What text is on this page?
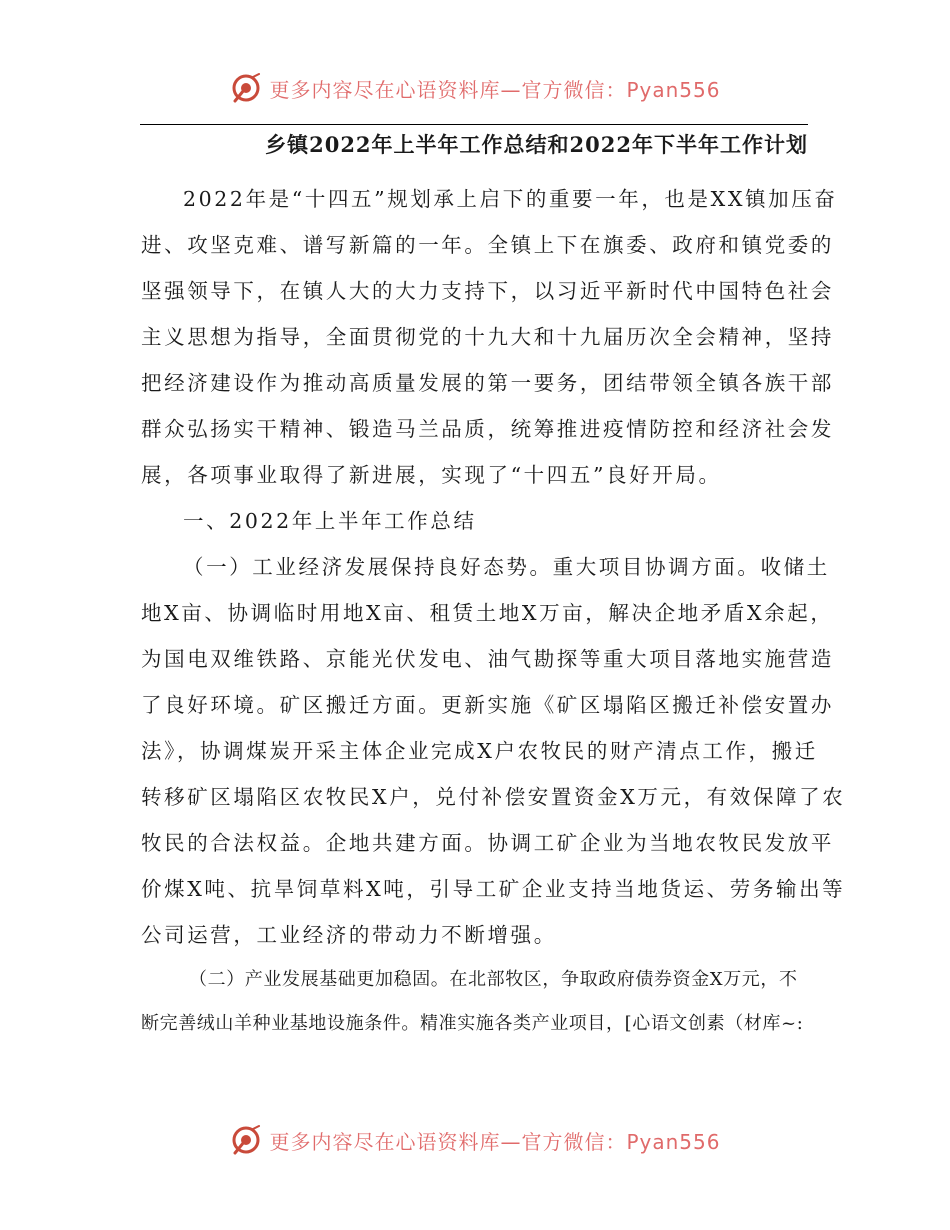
更多内容尽在心语资料库—官方微信：Pyan556
乡镇2022年上半年工作总结和2022年下半年工作计划
2022年是“十四五”规划承上启下的重要一年，也是XX镇加压奋
进、攻坚克难、谱写新篇的一年。全镇上下在旗委、政府和镇党委的
坚强领导下，在镇人大的大力支持下，以习近平新时代中国特色社会
主义思想为指导，全面贯彻党的十九大和十九届历次全会精神，坚持
把经济建设作为推动高质量发展的第一要务，团结带领全镇各族干部
群众弘扬实干精神、锻造马兰品质，统筹推进疫情防控和经济社会发
展，各项事业取得了新进展，实现了“十四五”良好开局。
一、2022年上半年工作总结
（一）工业经济发展保持良好态势。重大项目协调方面。收储土
地X亩、协调临时用地X亩、租赁土地X万亩，解决企地矛盾X余起，
为国电双维铁路、京能光伏发电、油气勘探等重大项目落地实施营造
了良好环境。矿区搬迁方面。更新实施《矿区塌陷区搬迁补偿安置办
法》，协调煤炭开采主体企业完成X户农牧民的财产清点工作，搬迁
转移矿区塌陷区农牧民X户，兑付补偿安置资金X万元，有效保障了农
牧民的合法权益。企地共建方面。协调工矿企业为当地农牧民发放平
价煤X吨、抗旱饲草料X吨，引导工矿企业支持当地货运、劳务输出等
公司运营，工业经济的带动力不断增强。
（二）产业发展基础更加稳固。在北部牧区，争取政府债券资金X万元，不
断完善绒山羊种业基地设施条件。精准实施各类产业项目，[心语文创素（材库~:
更多内容尽在心语资料库—官方微信：Pyan556
